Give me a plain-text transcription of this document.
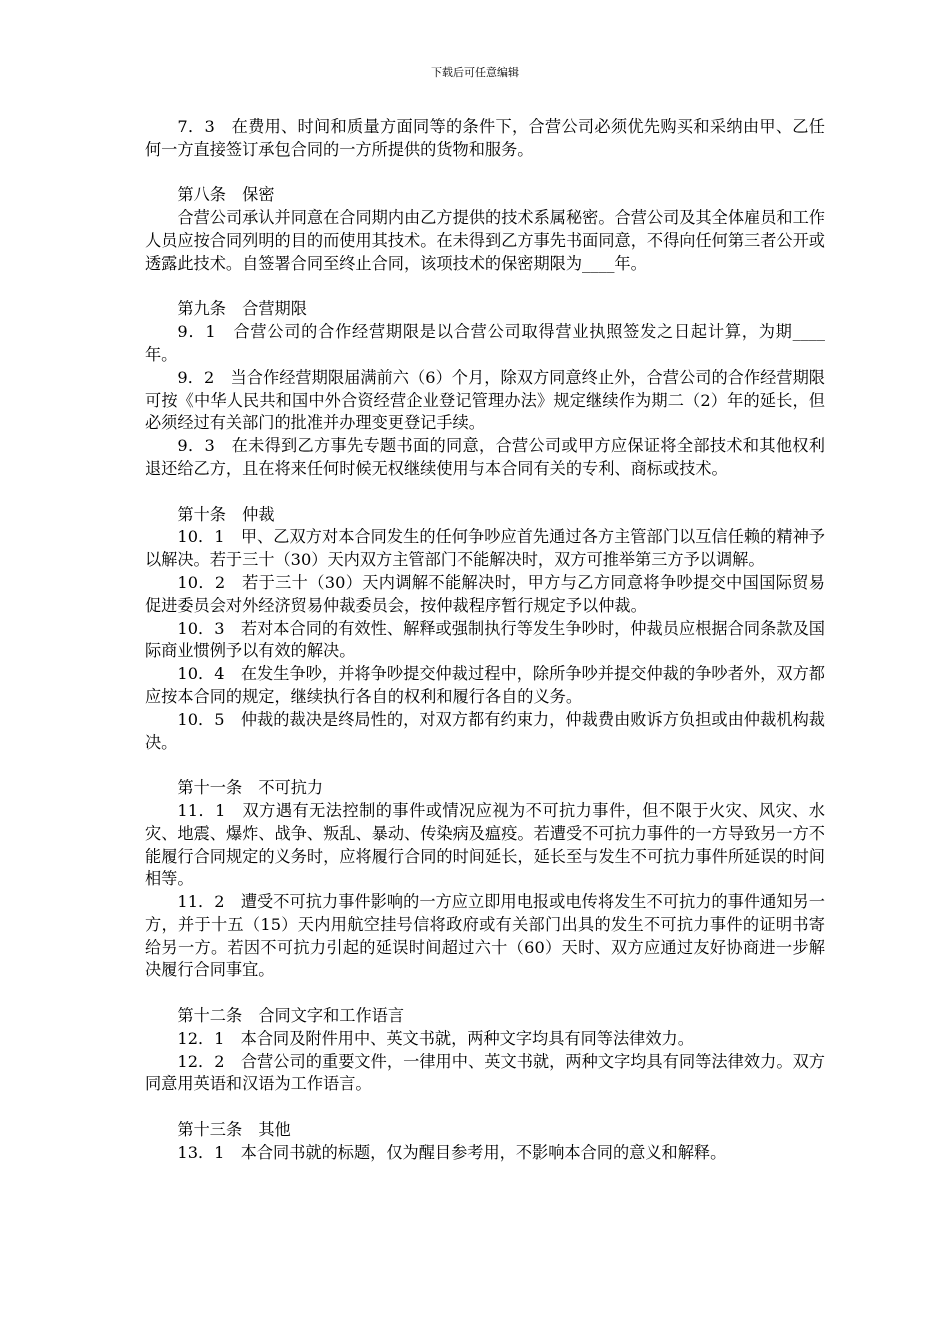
下载后可任意编辑

7．3　在费用、时间和质量方面同等的条件下，合营公司必须优先购买和采纳由甲、乙任何一方直接签订承包合同的一方所提供的货物和服务。

第八条　保密

合营公司承认并同意在合同期内由乙方提供的技术系属秘密。合营公司及其全体雇员和工作人员应按合同列明的目的而使用其技术。在未得到乙方事先书面同意，不得向任何第三者公开或透露此技术。自签署合同至终止合同，该项技术的保密期限为____年。

第九条　合营期限

9．1　合营公司的合作经营期限是以合营公司取得营业执照签发之日起计算，为期____年。

9．2　当合作经营期限届满前六（6）个月，除双方同意终止外，合营公司的合作经营期限可按《中华人民共和国中外合资经营企业登记管理办法》规定继续作为期二（2）年的延长，但必须经过有关部门的批准并办理变更登记手续。

9．3　在未得到乙方事先专题书面的同意，合营公司或甲方应保证将全部技术和其他权利退还给乙方，且在将来任何时候无权继续使用与本合同有关的专利、商标或技术。

第十条　仲裁

10．1　甲、乙双方对本合同发生的任何争吵应首先通过各方主管部门以互信任赖的精神予以解决。若于三十（30）天内双方主管部门不能解决时，双方可推举第三方予以调解。

10．2　若于三十（30）天内调解不能解决时，甲方与乙方同意将争吵提交中国国际贸易促进委员会对外经济贸易仲裁委员会，按仲裁程序暂行规定予以仲裁。

10．3　若对本合同的有效性、解释或强制执行等发生争吵时，仲裁员应根据合同条款及国际商业惯例予以有效的解决。

10．4　在发生争吵，并将争吵提交仲裁过程中，除所争吵并提交仲裁的争吵者外，双方都应按本合同的规定，继续执行各自的权利和履行各自的义务。

10．5　仲裁的裁决是终局性的，对双方都有约束力，仲裁费由败诉方负担或由仲裁机构裁决。

第十一条　不可抗力

11．1　双方遇有无法控制的事件或情况应视为不可抗力事件，但不限于火灾、风灾、水灾、地震、爆炸、战争、叛乱、暴动、传染病及瘟疫。若遭受不可抗力事件的一方导致另一方不能履行合同规定的义务时，应将履行合同的时间延长，延长至与发生不可抗力事件所延误的时间相等。

11．2　遭受不可抗力事件影响的一方应立即用电报或电传将发生不可抗力的事件通知另一方，并于十五（15）天内用航空挂号信将政府或有关部门出具的发生不可抗力事件的证明书寄给另一方。若因不可抗力引起的延误时间超过六十（60）天时、双方应通过友好协商进一步解决履行合同事宜。

第十二条　合同文字和工作语言

12．1　本合同及附件用中、英文书就，两种文字均具有同等法律效力。

12．2　合营公司的重要文件，一律用中、英文书就，两种文字均具有同等法律效力。双方同意用英语和汉语为工作语言。

第十三条　其他

13．1　本合同书就的标题，仅为醒目参考用，不影响本合同的意义和解释。
